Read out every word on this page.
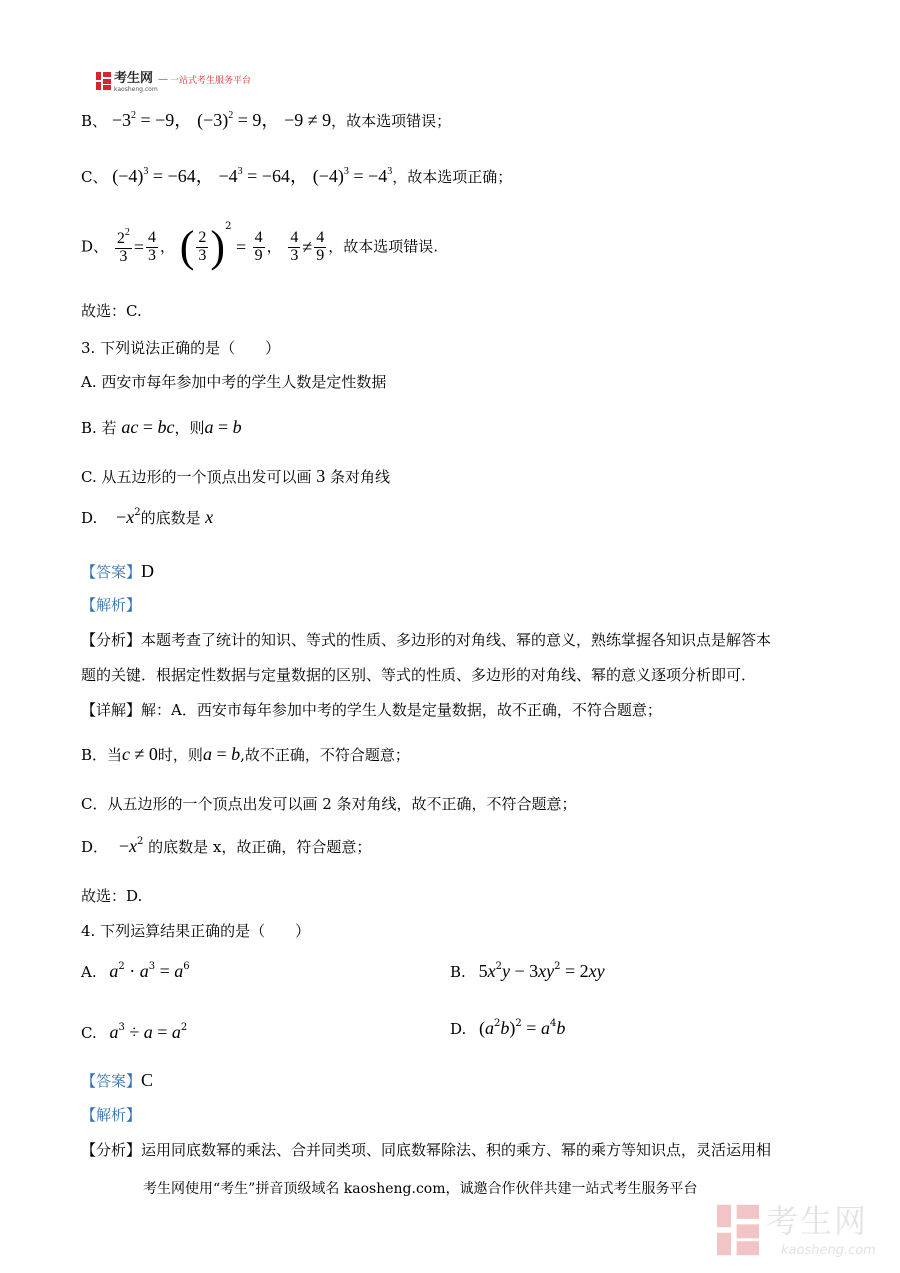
考生网
kaosheng.com
— 一站式考生服务平台
B、 $-3^2 = -9$， $(-3)^2 = 9$， −9 ≠ 9，故本选项错误；
C、 $(-4)^3 = -64$， $-4^3 = -64$， $(-4)^3 = -4^3$，故本选项正确；
D、 $\frac{2^2}{3} = \frac{4}{3}$ ， ( $\frac{2}{3} )^2 = \frac{4}{9}$ ， $\frac{4}{3} \ne \frac{4}{9}$ ，故本选项错误.
故选：C.
3. 下列说法正确的是（　　）
A. 西安市每年参加中考的学生人数是定性数据
B. 若 ac = bc，则a = b
C. 从五边形的一个顶点出发可以画 3 条对角线
D. $-x^2$的底数是 x
【答案】D
【解析】
【分析】本题考查了统计的知识、等式的性质、多边形的对角线、幂的意义，熟练掌握各知识点是解答本
题的关键．根据定性数据与定量数据的区别、等式的性质、多边形的对角线、幂的意义逐项分析即可．
【详解】解：A．西安市每年参加中考的学生人数是定量数据，故不正确，不符合题意；
B．当c ≠ 0时，则a = b,故不正确，不符合题意；
C．从五边形的一个顶点出发可以画 2 条对角线，故不正确，不符合题意；
D． $-x^2$ 的底数是 x，故正确，符合题意；
故选：D.
4. 下列运算结果正确的是（　　）
A. $a^2 \cdot a^3 = a^6$	B. $5x^2y - 3xy^2 = 2xy$
C. $a^3 \div a = a^2$	D. $(a^2b)^2 = a^4b$
【答案】C
【解析】
【分析】运用同底数幂的乘法、合并同类项、同底数幂除法、积的乘方、幂的乘方等知识点，灵活运用相
考生网使用“考生”拼音顶级域名 kaosheng.com，诚邀合作伙伴共建一站式考生服务平台
考生网
kaosheng.com
